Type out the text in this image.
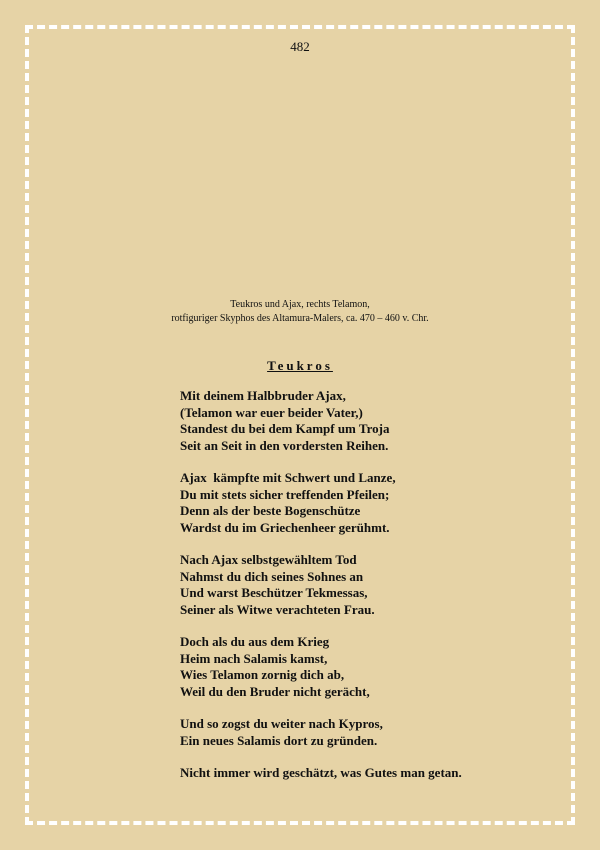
482
Teukros und Ajax, rechts Telamon,
rotfiguriger Skyphos des Altamura-Malers, ca. 470 – 460 v. Chr.
Teukros
Mit deinem Halbbruder Ajax,
(Telamon war euer beider Vater,)
Standest du bei dem Kampf um Troja
Seit an Seit in den vordersten Reihen.
Ajax  kämpfte mit Schwert und Lanze,
Du mit stets sicher treffenden Pfeilen;
Denn als der beste Bogenschütze
Wardst du im Griechenheer gerühmt.
Nach Ajax selbstgewähltem Tod
Nahmst du dich seines Sohnes an
Und warst Beschützer Tekmessas,
Seiner als Witwe verachteten Frau.
Doch als du aus dem Krieg
Heim nach Salamis kamst,
Wies Telamon zornig dich ab,
Weil du den Bruder nicht gerächt,
Und so zogst du weiter nach Kypros,
Ein neues Salamis dort zu gründen.
Nicht immer wird geschätzt, was Gutes man getan.
